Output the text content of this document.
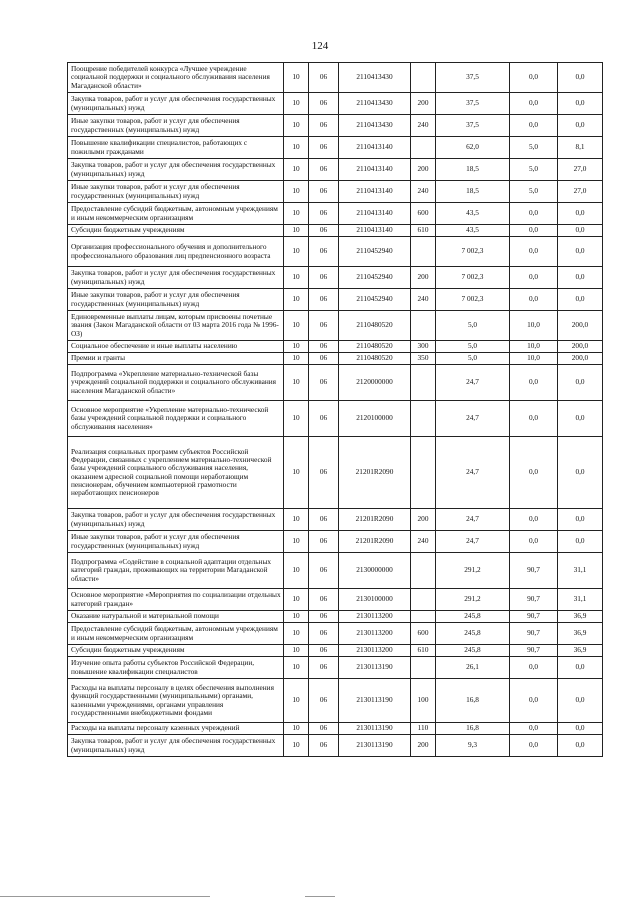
124
Поощрение победителей конкурса «Лучшее учреждение социальной поддержки и социального обслуживания населения Магаданской области»	10	06	2110413430		37,5	0,0	0,0
Закупка товаров, работ и услуг для обеспечения государственных (муниципальных) нужд	10	06	2110413430	200	37,5	0,0	0,0
Иные закупки товаров, работ и услуг для обеспечения государственных (муниципальных) нужд	10	06	2110413430	240	37,5	0,0	0,0
Повышение квалификации специалистов, работающих с пожилыми гражданами	10	06	2110413140		62,0	5,0	8,1
Закупка товаров, работ и услуг для обеспечения государственных (муниципальных) нужд	10	06	2110413140	200	18,5	5,0	27,0
Иные закупки товаров, работ и услуг для обеспечения государственных (муниципальных) нужд	10	06	2110413140	240	18,5	5,0	27,0
Предоставление субсидий бюджетным, автономным учреждениям и иным некоммерческим организациям	10	06	2110413140	600	43,5	0,0	0,0
Субсидии бюджетным учреждениям	10	06	2110413140	610	43,5	0,0	0,0
Организация профессионального обучения и дополнительного профессионального образования лиц предпенсионного возраста	10	06	2110452940		7 002,3	0,0	0,0
Закупка товаров, работ и услуг для обеспечения государственных (муниципальных) нужд	10	06	2110452940	200	7 002,3	0,0	0,0
Иные закупки товаров, работ и услуг для обеспечения государственных (муниципальных) нужд	10	06	2110452940	240	7 002,3	0,0	0,0
Единовременные выплаты лицам, которым присвоены почетные звания (Закон Магаданской области от 03 марта 2016 года № 1996-ОЗ)	10	06	2110480520		5,0	10,0	200,0
Социальное обеспечение и иные выплаты населению	10	06	2110480520	300	5,0	10,0	200,0
Премии и гранты	10	06	2110480520	350	5,0	10,0	200,0
Подпрограмма «Укрепление материально-технической базы учреждений социальной поддержки и социального обслуживания населения Магаданской области»	10	06	2120000000		24,7	0,0	0,0
Основное мероприятие «Укрепление материально-технической базы учреждений социальной поддержки и социального обслуживания населения»	10	06	2120100000		24,7	0,0	0,0
Реализация социальных программ субъектов Российской Федерации, связанных с укреплением материально-технической базы учреждений социального обслуживания населения, оказанием адресной социальной помощи неработающим пенсионерам, обучением компьютерной грамотности неработающих пенсионеров	10	06	21201R2090		24,7	0,0	0,0
Закупка товаров, работ и услуг для обеспечения государственных (муниципальных) нужд	10	06	21201R2090	200	24,7	0,0	0,0
Иные закупки товаров, работ и услуг для обеспечения государственных (муниципальных) нужд	10	06	21201R2090	240	24,7	0,0	0,0
Подпрограмма «Содействие в социальной адаптации отдельных категорий граждан, проживающих на территории Магаданской области»	10	06	2130000000		291,2	90,7	31,1
Основное мероприятие «Мероприятия по социализации отдельных категорий граждан»	10	06	2130100000		291,2	90,7	31,1
Оказание натуральной и материальной помощи	10	06	2130113200		245,8	90,7	36,9
Предоставление субсидий бюджетным, автономным учреждениям и иным некоммерческим организациям	10	06	2130113200	600	245,8	90,7	36,9
Субсидии бюджетным учреждениям	10	06	2130113200	610	245,8	90,7	36,9
Изучение опыта работы субъектов Российской Федерации, повышение квалификации специалистов	10	06	2130113190		26,1	0,0	0,0
Расходы на выплаты персоналу в целях обеспечения выполнения функций государственными (муниципальными) органами, казенными учреждениями, органами управления государственными внебюджетными фондами	10	06	2130113190	100	16,8	0,0	0,0
Расходы на выплаты персоналу казенных учреждений	10	06	2130113190	110	16,8	0,0	0,0
Закупка товаров, работ и услуг для обеспечения государственных (муниципальных) нужд	10	06	2130113190	200	9,3	0,0	0,0
